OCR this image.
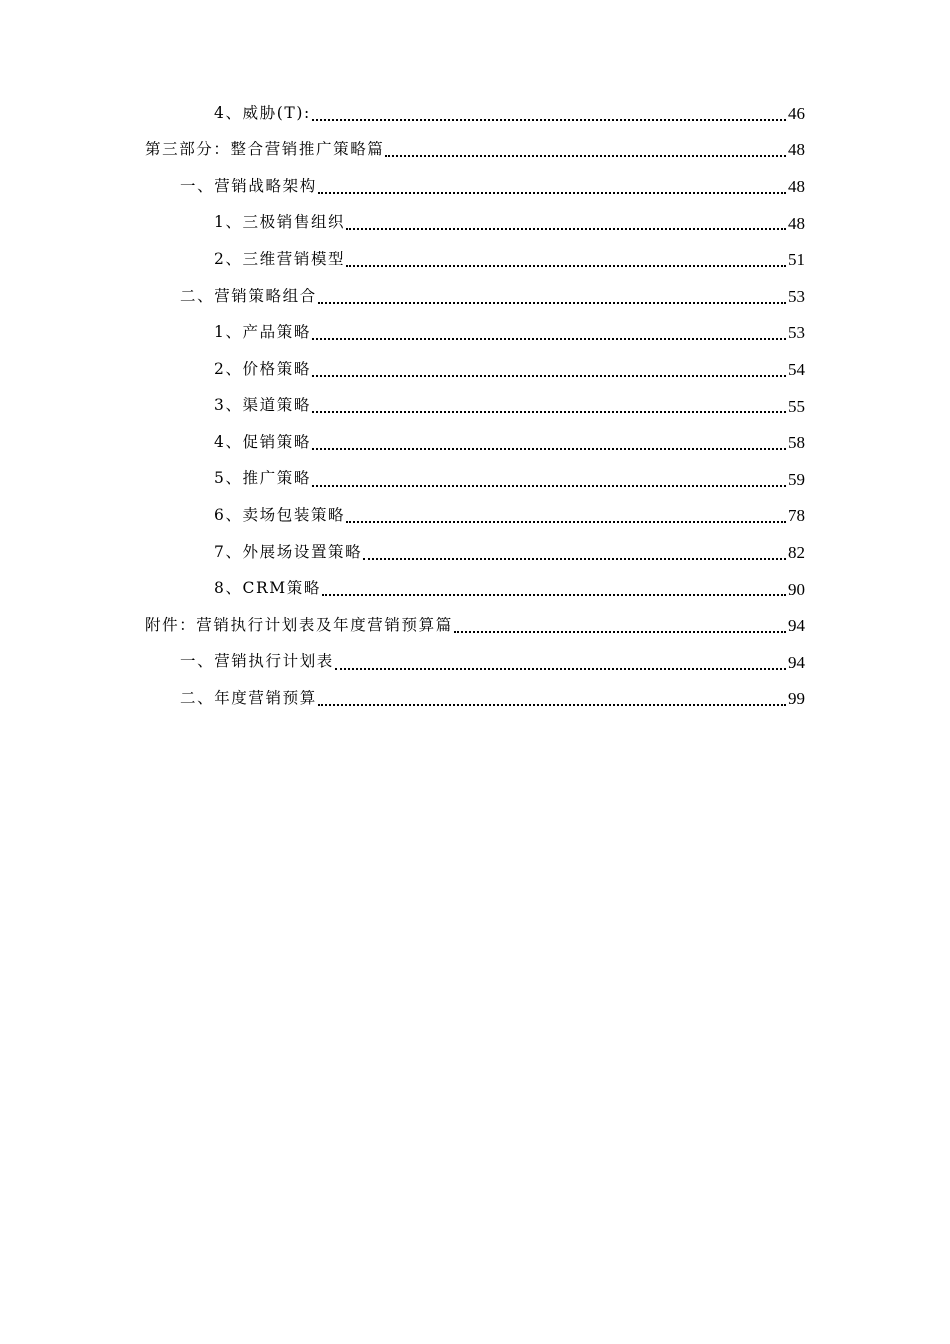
4、威胁(T):	46
第三部分：整合营销推广策略篇	48
一、营销战略架构	48
1、三极销售组织	48
2、三维营销模型	51
二、营销策略组合	53
1、产品策略	53
2、价格策略	54
3、渠道策略	55
4、促销策略	58
5、推广策略	59
6、卖场包装策略	78
7、外展场设置策略	82
8、CRM策略	90
附件：营销执行计划表及年度营销预算篇	94
一、营销执行计划表	94
二、年度营销预算	99
